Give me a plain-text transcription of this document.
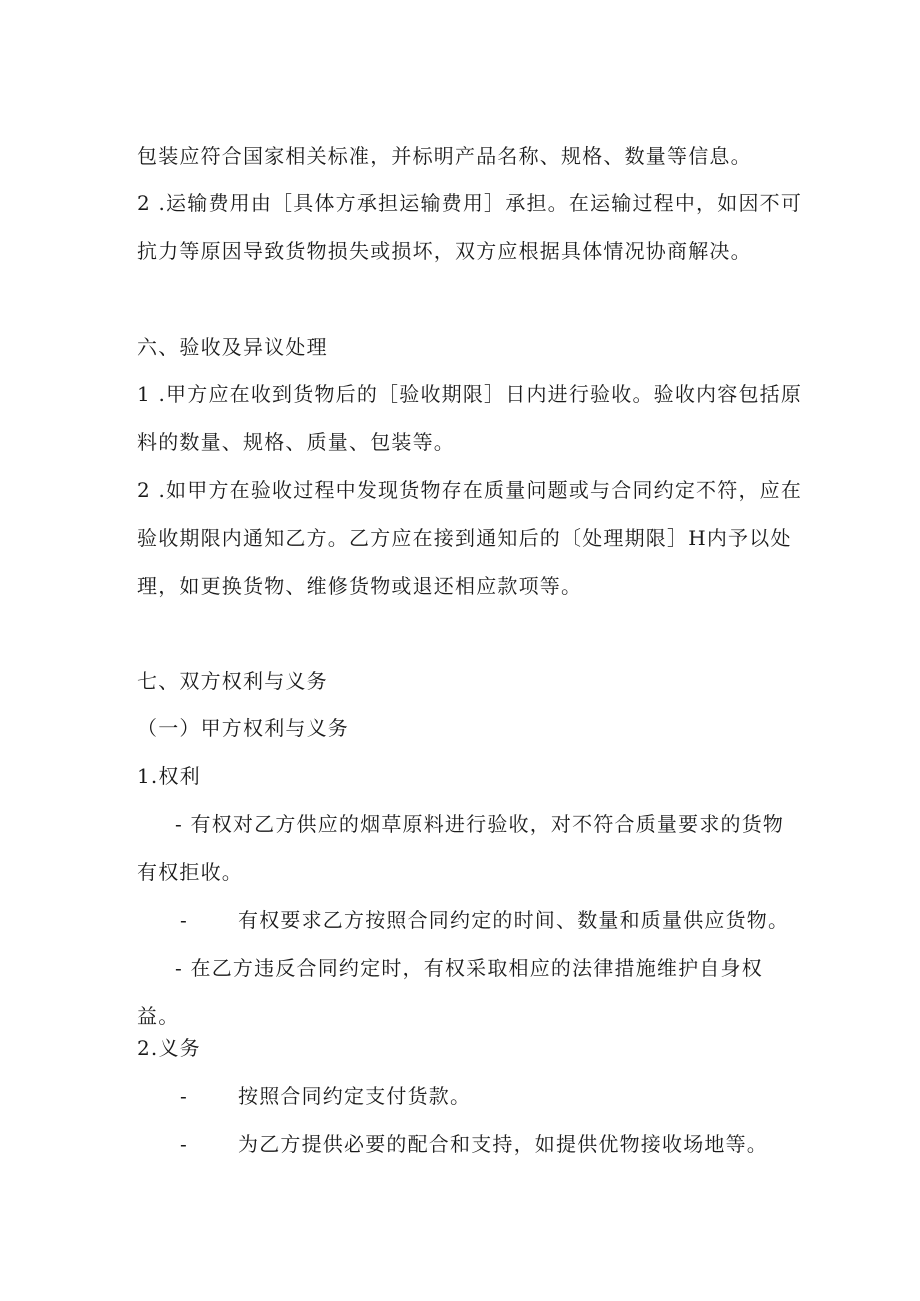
包装应符合国家相关标准，并标明产品名称、规格、数量等信息。
2 .运输费用由［具体方承担运输费用］承担。在运输过程中，如因不可
抗力等原因导致货物损失或损坏，双方应根据具体情况协商解决。
六、验收及异议处理
1 .甲方应在收到货物后的［验收期限］日内进行验收。验收内容包括原
料的数量、规格、质量、包装等。
2 .如甲方在验收过程中发现货物存在质量问题或与合同约定不符，应在
验收期限内通知乙方。乙方应在接到通知后的〔处理期限］H内予以处
理，如更换货物、维修货物或退还相应款项等。
七、双方权利与义务
（一）甲方权利与义务
1.权利
- 有权对乙方供应的烟草原料进行验收，对不符合质量要求的货物
有权拒收。
-	有权要求乙方按照合同约定的时间、数量和质量供应货物。
- 在乙方违反合同约定时，有权采取相应的法律措施维护自身权
益。
2.义务
-	按照合同约定支付货款。
-	为乙方提供必要的配合和支持，如提供优物接收场地等。
